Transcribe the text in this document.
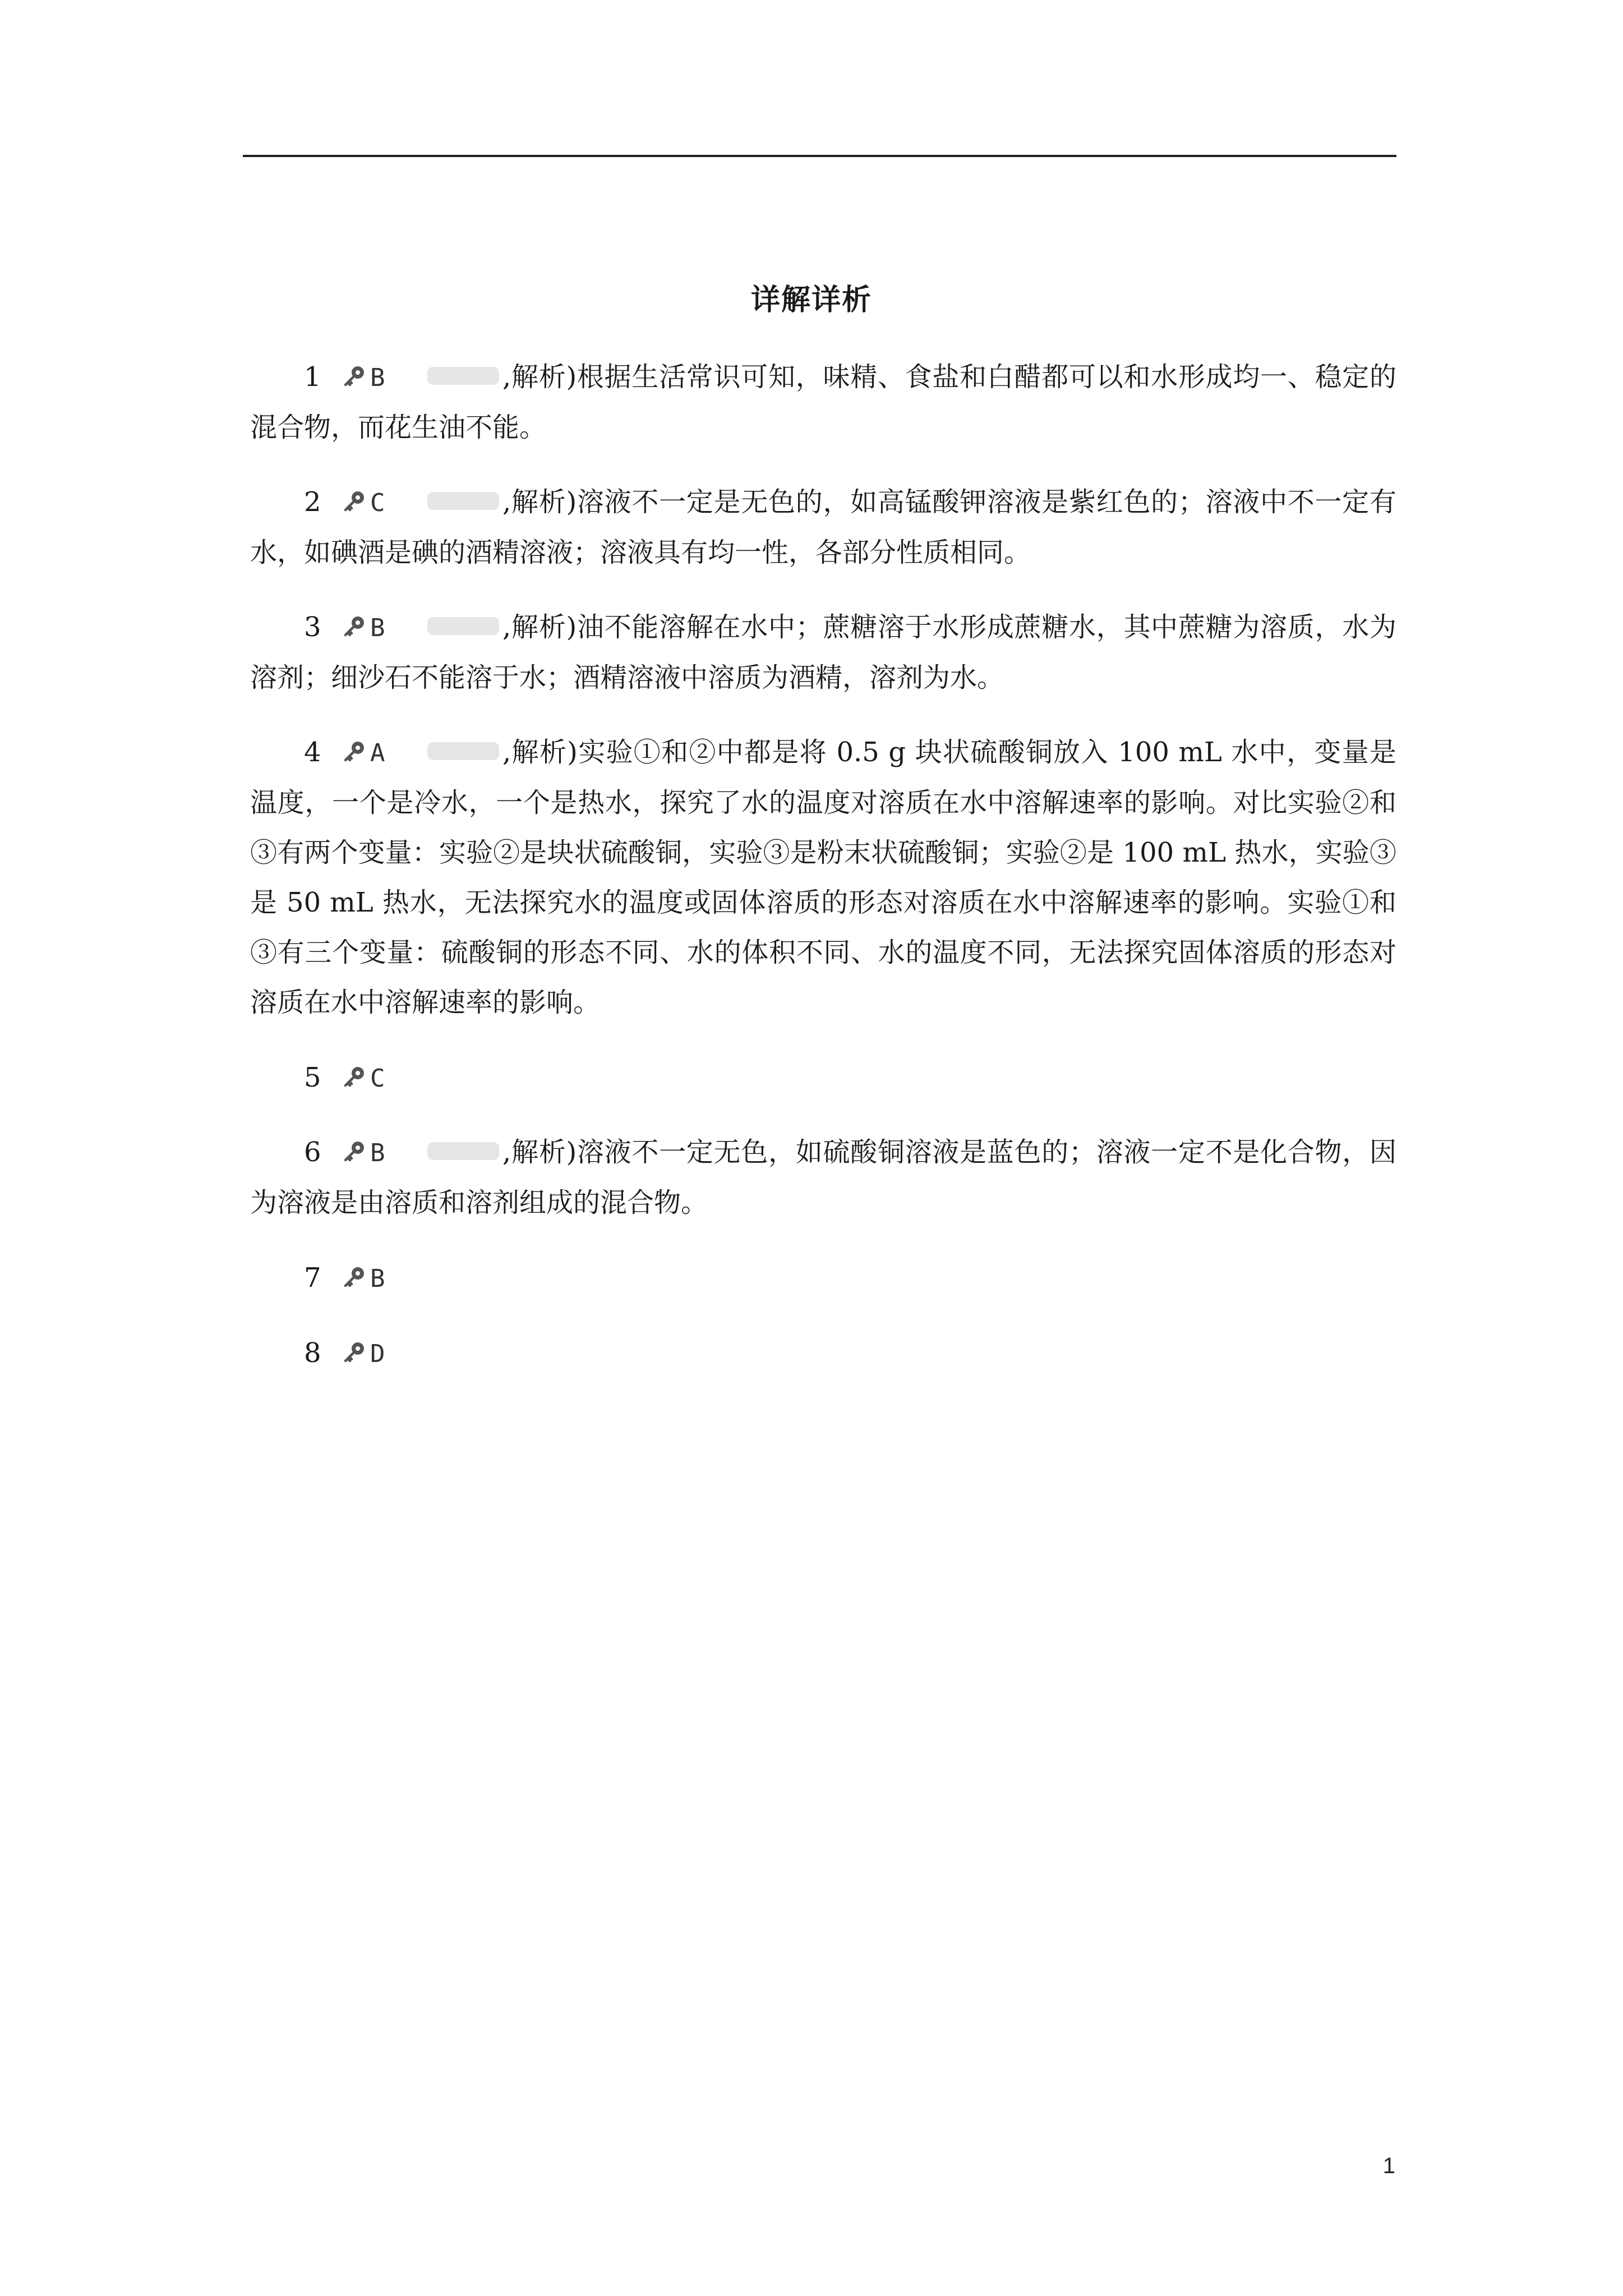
详解详析
1 B	,解析)根据生活常识可知，味精、食盐和白醋都可以和水形成均一、稳定的混合物，而花生油不能。
2 C	,解析)溶液不一定是无色的，如高锰酸钾溶液是紫红色的；溶液中不一定有水，如碘酒是碘的酒精溶液；溶液具有均一性，各部分性质相同。
3 B	,解析)油不能溶解在水中；蔗糖溶于水形成蔗糖水，其中蔗糖为溶质，水为溶剂；细沙石不能溶于水；酒精溶液中溶质为酒精，溶剂为水。
4 A	,解析)实验①和②中都是将 0.5 g 块状硫酸铜放入 100 mL 水中，变量是温度，一个是冷水，一个是热水，探究了水的温度对溶质在水中溶解速率的影响。对比实验②和③有两个变量：实验②是块状硫酸铜，实验③是粉末状硫酸铜；实验②是 100 mL 热水，实验③是 50 mL 热水，无法探究水的温度或固体溶质的形态对溶质在水中溶解速率的影响。实验①和③有三个变量：硫酸铜的形态不同、水的体积不同、水的温度不同，无法探究固体溶质的形态对溶质在水中溶解速率的影响。
5 C
6 B	,解析)溶液不一定无色，如硫酸铜溶液是蓝色的；溶液一定不是化合物，因为溶液是由溶质和溶剂组成的混合物。
7 B
8 D
1
